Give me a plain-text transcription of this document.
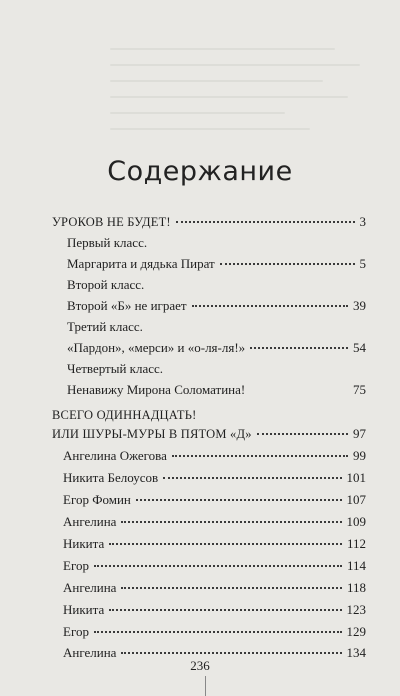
Содержание
УРОКОВ НЕ БУДЕТ!	3
Первый класс.
Маргарита и дядька Пират	5
Второй класс.
Второй «Б» не играет	39
Третий класс.
«Пардон», «мерси» и «о-ля-ля!»	54
Четвертый класс.
Ненавижу Мирона Соломатина!	75
ВСЕГО ОДИННАДЦАТЬ!
ИЛИ ШУРЫ-МУРЫ В ПЯТОМ «Д»	97
Ангелина Ожегова	99
Никита Белоусов	101
Егор Фомин	107
Ангелина	109
Никита	112
Егор	114
Ангелина	118
Никита	123
Егор	129
Ангелина	134
236
